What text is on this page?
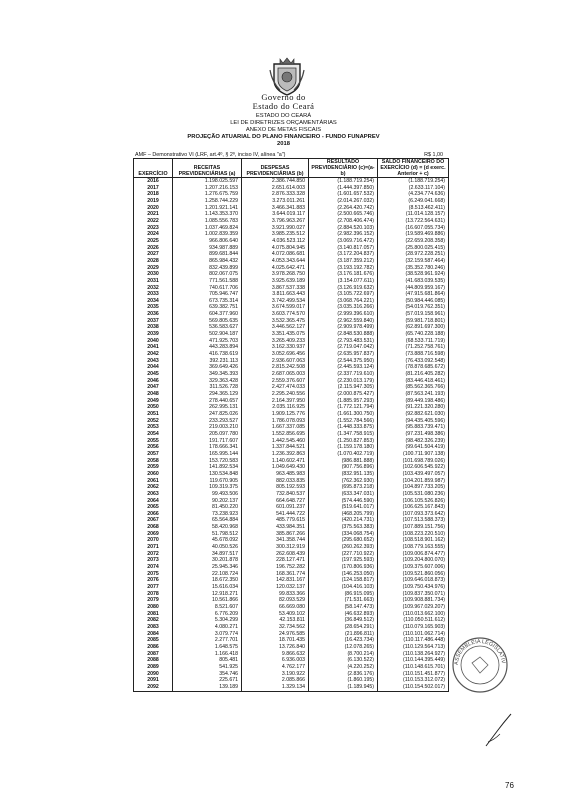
Governo do
Estado do Ceará
ESTADO DO CEARÁ
LEI DE DIRETRIZES ORÇAMENTÁRIAS
ANEXO DE METAS FISCAIS
PROJEÇÃO ATUARIAL DO PLANO FINANCEIRO - FUNDO FUNAPREV
2018
AMF – Demonstrativo VI (LRF, art.4º, § 2º, inciso IV, alínea "a")	R$ 1,00
EXERCÍCIO	RECEITAS PREVIDENCIÁRIAS (a)	DESPESAS PREVIDENCIÁRIAS (b)	RESULTADO PREVIDENCIÁRIO (c)=(a-b)	SALDO FINANCEIRO DO EXERCÍCIO (d) = (d exerc. Anterior + c)
2016	1.198.025.597	2.386.744.850	(1.188.719.254)	(1.188.719.254)
2017	1.207.216.153	2.651.614.003	(1.444.397.850)	(2.633.117.104)
2018	1.276.675.759	2.876.333.328	(1.601.657.532)	(4.234.774.636)
2019	1.258.744.229	3.273.011.261	(2.014.267.032)	(6.249.041.668)
2020	1.201.921.141	3.466.341.883	(2.264.420.742)	(8.513.462.411)
2021	1.143.353.370	3.644.019.117	(2.500.665.746)	(11.014.128.157)
2022	1.085.556.783	3.796.963.267	(2.708.406.474)	(13.722.564.631)
2023	1.037.469.824	3.921.990.027	(2.884.520.103)	(16.607.055.734)
2024	1.002.839.359	3.985.235.512	(2.982.396.152)	(19.589.469.886)
2025	966.806.640	4.036.523.112	(3.069.716.472)	(22.659.208.358)
2026	934.987.889	4.075.804.945	(3.140.817.057)	(25.800.025.415)
2027	899.681.844	4.072.086.681	(3.172.204.837)	(28.972.228.251)
2028	865.984.432	4.053.343.644	(3.187.359.212)	(32.159.587.464)
2029	832.439.899	4.025.642.471	(3.193.192.782)	(35.352.780.246)
2030	802.067.075	3.978.268.750	(3.176.181.676)	(38.528.961.924)
2031	771.561.588	3.925.639.189	(3.154.077.611)	(41.683.039.535)
2032	740.617.706	3.867.537.338	(3.126.919.632)	(44.809.959.167)
2033	705.946.747	3.811.663.443	(3.105.722.697)	(47.915.681.864)
2034	673.735.314	3.742.499.534	(3.068.764.221)	(50.984.446.085)
2035	639.382.751	3.674.599.017	(3.035.316.266)	(54.019.762.351)
2036	604.377.960	3.603.774.570	(2.999.396.610)	(57.019.158.961)
2037	569.805.635	3.532.365.475	(2.962.559.840)	(59.981.718.801)
2038	536.583.627	3.446.562.127	(2.909.978.499)	(62.891.697.300)
2039	502.904.187	3.351.435.075	(2.848.530.888)	(65.740.228.188)
2040	471.925.703	3.265.409.233	(2.793.483.531)	(68.533.711.719)
2041	443.283.894	3.162.330.937	(2.719.047.042)	(71.252.758.761)
2042	416.738.619	3.052.696.456	(2.635.957.837)	(73.888.716.598)
2043	392.231.113	2.936.607.063	(2.544.375.950)	(76.433.092.548)
2044	369.649.426	2.815.242.508	(2.445.593.124)	(78.878.685.672)
2045	349.345.393	2.687.065.003	(2.337.719.610)	(81.216.405.282)
2046	329.363.428	2.559.376.607	(2.230.013.179)	(83.446.418.461)
2047	311.526.728	2.427.474.033	(2.115.947.305)	(85.562.365.766)
2048	294.365.129	2.295.240.556	(2.000.875.427)	(87.563.241.193)
2049	278.440.657	2.164.397.950	(1.885.957.293)	(89.449.198.486)
2050	262.995.131	2.035.116.925	(1.772.121.794)	(91.221.320.280)
2051	247.825.026	1.909.125.776	(1.661.300.750)	(92.882.621.030)
2052	233.293.527	1.786.078.093	(1.552.784.566)	(94.435.405.596)
2053	219.003.210	1.667.337.085	(1.448.333.875)	(95.883.739.471)
2054	205.097.780	1.552.856.695	(1.347.758.915)	(97.231.498.386)
2055	191.717.607	1.442.545.460	(1.250.827.853)	(98.482.326.239)
2056	178.666.341	1.337.844.521	(1.159.178.180)	(99.641.504.419)
2057	165.995.144	1.236.392.863	(1.070.402.719)	(100.711.907.138)
2058	153.720.583	1.140.602.471	(986.881.888)	(101.698.789.026)
2059	141.892.534	1.049.649.430	(907.756.896)	(102.606.545.922)
2060	130.534.848	963.485.983	(832.951.135)	(103.439.497.057)
2061	119.670.905	882.033.835	(762.362.930)	(104.201.859.987)
2062	109.319.375	805.192.593	(695.873.218)	(104.897.733.205)
2063	99.493.506	732.840.537	(633.347.031)	(105.531.080.236)
2064	90.202.137	664.648.727	(574.446.590)	(106.105.526.826)
2065	81.450.220	601.091.237	(519.641.017)	(106.625.167.843)
2066	73.238.923	541.444.722	(468.205.799)	(107.093.373.642)
2067	65.564.884	485.779.615	(420.214.731)	(107.513.588.373)
2068	58.420.968	433.984.351	(375.563.383)	(107.889.151.756)
2069	51.798.512	385.867.266	(334.068.754)	(108.223.220.510)
2070	45.678.092	341.358.744	(295.680.652)	(108.518.901.162)
2071	40.050.526	300.312.919	(260.262.393)	(108.779.163.555)
2072	34.897.517	262.608.439	(227.710.922)	(109.006.874.477)
2073	30.201.878	228.127.471	(197.925.593)	(109.204.800.070)
2074	25.945.346	196.752.282	(170.806.936)	(109.375.607.006)
2075	22.108.724	168.361.774	(146.253.050)	(109.521.860.056)
2076	18.672.350	142.831.167	(124.158.817)	(109.646.018.873)
2077	15.616.034	120.032.137	(104.416.103)	(109.750.434.976)
2078	12.918.271	99.833.366	(86.915.095)	(109.837.350.071)
2079	10.561.866	82.093.529	(71.531.663)	(109.908.881.734)
2080	8.521.607	66.669.080	(58.147.473)	(109.967.029.207)
2081	6.776.209	53.409.102	(46.632.893)	(110.013.662.100)
2082	5.304.299	42.153.811	(36.849.512)	(110.050.511.612)
2083	4.080.271	32.734.562	(28.654.291)	(110.079.165.903)
2084	3.079.774	24.976.585	(21.896.811)	(110.101.062.714)
2085	2.277.701	18.701.435	(16.423.734)	(110.117.486.448)
2086	1.648.575	13.726.840	(12.078.265)	(110.129.564.713)
2087	1.166.418	9.866.632	(8.700.214)	(110.138.264.927)
2088	805.481	6.936.003	(6.130.522)	(110.144.395.449)
2089	541.925	4.762.177	(4.220.252)	(110.148.615.701)
2090	354.746	3.190.922	(2.836.176)	(110.151.451.877)
2091	225.671	2.085.866	(1.860.195)	(110.153.312.072)
2092	139.189	1.329.134	(1.189.945)	(110.154.502.017)
ASSEMBLEIA LEGISLATIV
76
